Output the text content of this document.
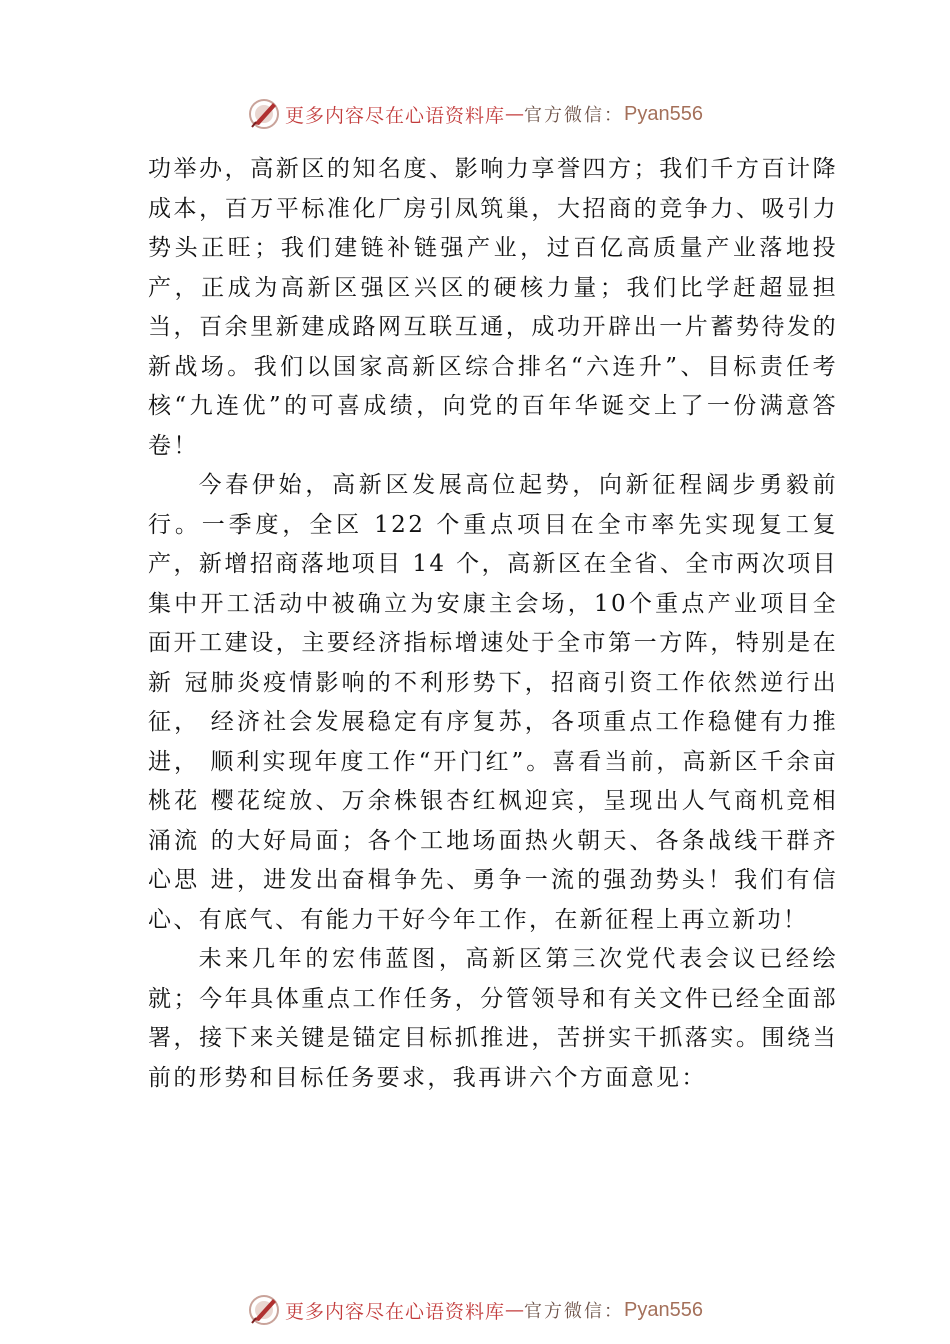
更多内容尽在心语资料库 — 官方微信： Pyan556

功举办，高新区的知名度、影响力享誉四方；我们千方百计降成本，百万平标准化厂房引凤筑巢，大招商的竞争力、吸引力势头正旺；我们建链补链强产业，过百亿高质量产业落地投产，正成为高新区强区兴区的硬核力量；我们比学赶超显担当，百余里新建成路网互联互通，成功开辟出一片蓄势待发的新战场。我们以国家高新区综合排名“六连升”、目标责任考核“九连优”的可喜成绩，向党的百年华诞交上了一份满意答卷！

今春伊始，高新区发展高位起势，向新征程阔步勇毅前行。一季度，全区 122 个重点项目在全市率先实现复工复产，新增招商落地项目 14 个，高新区在全省、全市两次项目集中开工活动中被确立为安康主会场，10个重点产业项目全面开工建设，主要经济指标增速处于全市第一方阵，特别是在新 冠肺炎疫情影响的不利形势下，招商引资工作依然逆行出征， 经济社会发展稳定有序复苏，各项重点工作稳健有力推进， 顺利实现年度工作“开门红”。喜看当前，高新区千余亩桃花 樱花绽放、万余株银杏红枫迎宾，呈现出人气商机竞相涌流 的大好局面；各个工地场面热火朝天、各条战线干群齐心思 进，进发出奋楫争先、勇争一流的强劲势头！我们有信心、有底气、有能力干好今年工作，在新征程上再立新功！

未来几年的宏伟蓝图，高新区第三次党代表会议已经绘就；今年具体重点工作任务，分管领导和有关文件已经全面部署，接下来关键是锚定目标抓推进，苦拼实干抓落实。围绕当前的形势和目标任务要求，我再讲六个方面意见：

更多内容尽在心语资料库 — 官方微信： Pyan556
